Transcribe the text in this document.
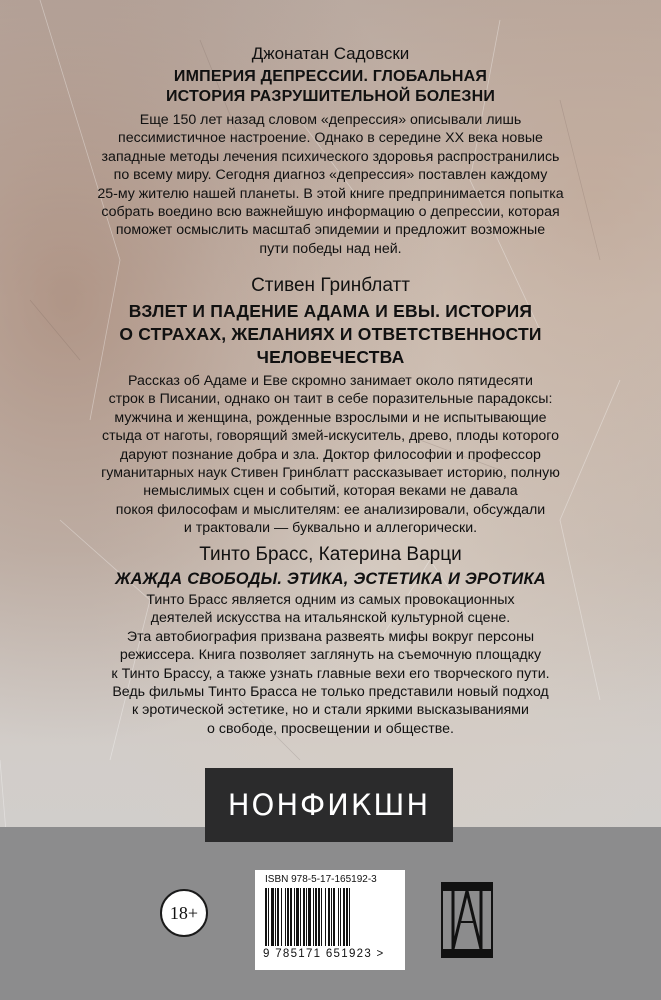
Джонатан Садовски
ИМПЕРИЯ ДЕПРЕССИИ. ГЛОБАЛЬНАЯ
ИСТОРИЯ РАЗРУШИТЕЛЬНОЙ БОЛЕЗНИ
Еще 150 лет назад словом «депрессия» описывали лишь
пессимистичное настроение. Однако в середине XX века новые
западные методы лечения психического здоровья распространились
по всему миру. Сегодня диагноз «депрессия» поставлен каждому
25-му жителю нашей планеты. В этой книге предпринимается попытка
собрать воедино всю важнейшую информацию о депрессии, которая
поможет осмыслить масштаб эпидемии и предложит возможные
пути победы над ней.
Стивен Гринблатт
ВЗЛЕТ И ПАДЕНИЕ АДАМА И ЕВЫ. ИСТОРИЯ
О СТРАХАХ, ЖЕЛАНИЯХ И ОТВЕТСТВЕННОСТИ
ЧЕЛОВЕЧЕСТВА
Рассказ об Адаме и Еве скромно занимает около пятидесяти
строк в Писании, однако он таит в себе поразительные парадоксы:
мужчина и женщина, рожденные взрослыми и не испытывающие
стыда от наготы, говорящий змей-искуситель, древо, плоды которого
даруют познание добра и зла. Доктор философии и профессор
гуманитарных наук Стивен Гринблатт рассказывает историю, полную
немыслимых сцен и событий, которая веками не давала
покоя философам и мыслителям: ее анализировали, обсуждали
и трактовали — буквально и аллегорически.
Тинто Брасс, Катерина Варци
ЖАЖДА СВОБОДЫ. ЭТИКА, ЭСТЕТИКА И ЭРОТИКА
Тинто Брасс является одним из самых провокационных
деятелей искусства на итальянской культурной сцене.
Эта автобиография призвана развеять мифы вокруг персоны
режиссера. Книга позволяет заглянуть на съемочную площадку
к Тинто Брассу, а также узнать главные вехи его творческого пути.
Ведь фильмы Тинто Брасса не только представили новый подход
к эротической эстетике, но и стали яркими высказываниями
о свободе, просвещении и обществе.
НОНФИКШН
18+
ISBN 978-5-17-165192-3
9 785171 651923 >
